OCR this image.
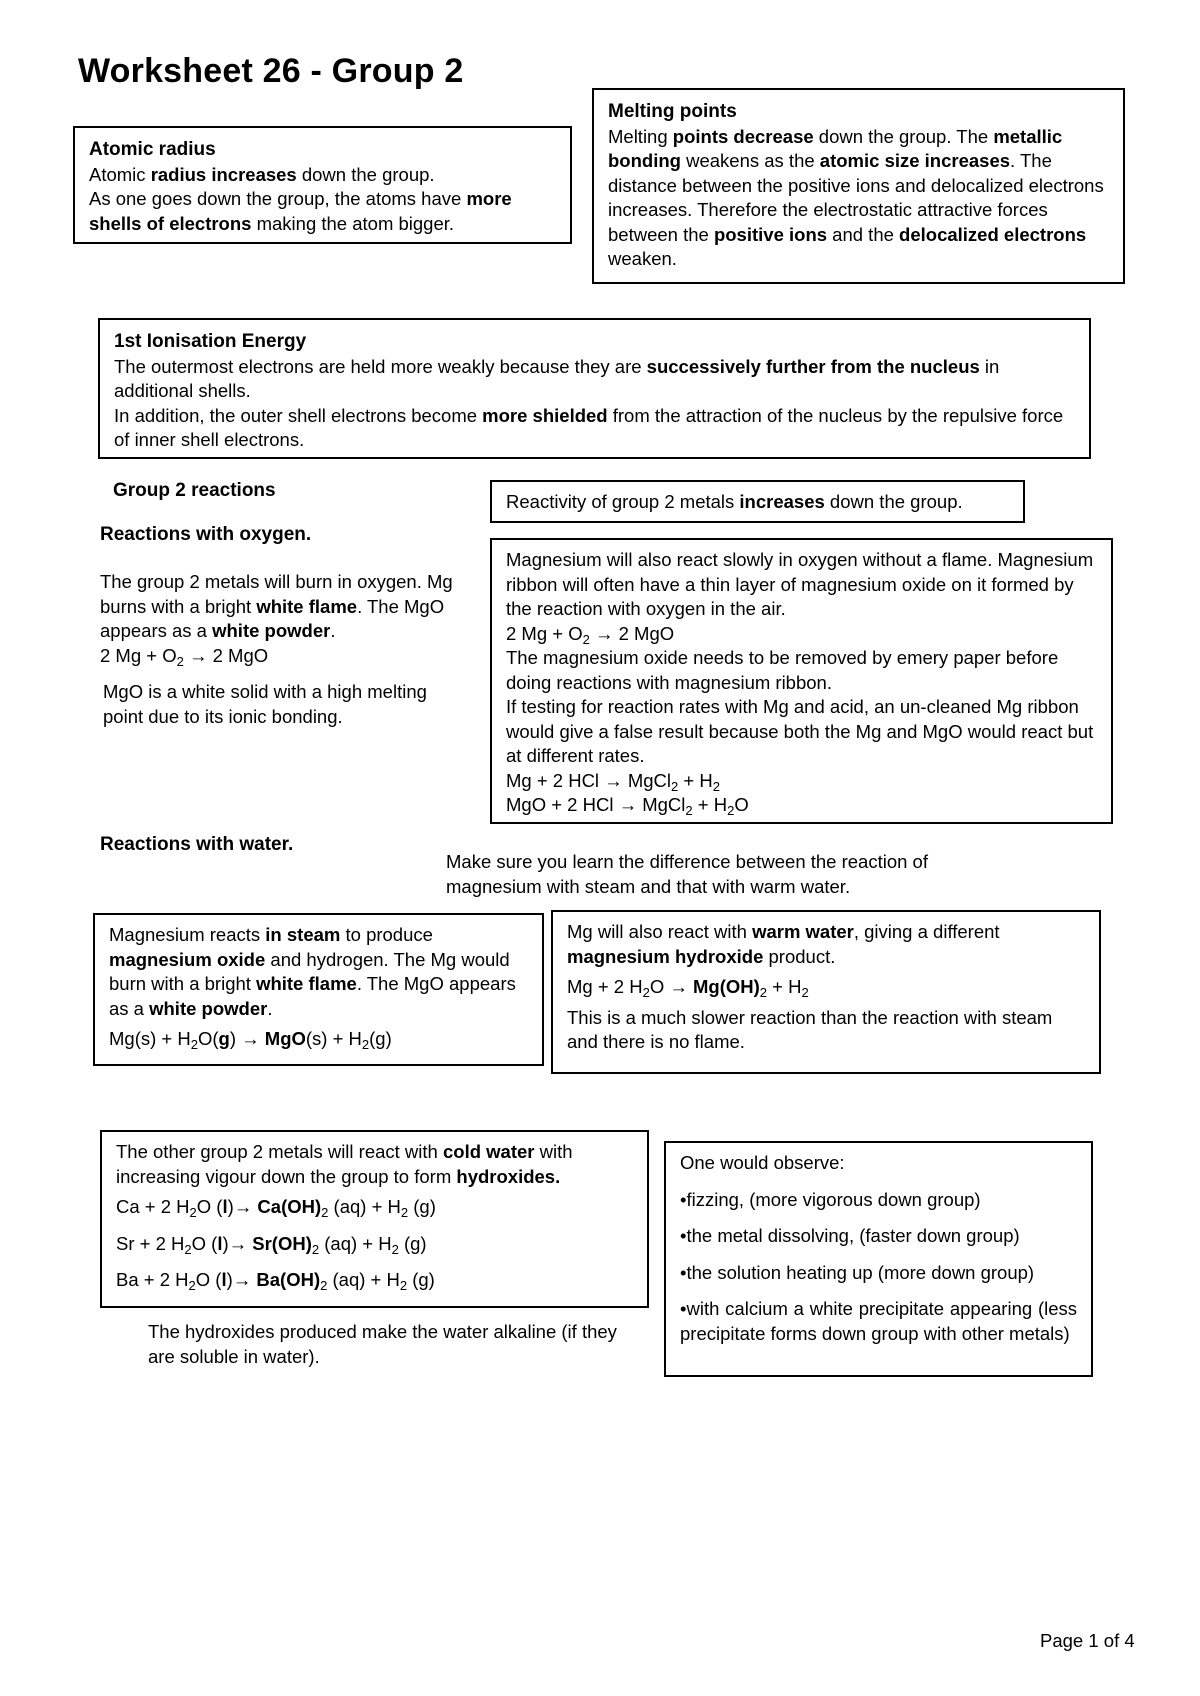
Worksheet 26 - Group 2
Atomic radius
Atomic radius increases down the group.
As one goes down the group, the atoms have more shells of electrons making the atom bigger.
Melting points
Melting points decrease down the group. The metallic bonding weakens as the atomic size increases. The distance between the positive ions and delocalized electrons increases. Therefore the electrostatic attractive forces between the positive ions and the delocalized electrons weaken.
1st Ionisation Energy
The outermost electrons are held more weakly because they are successively further from the nucleus in additional shells.
In addition, the outer shell electrons become more shielded from the attraction of the nucleus by the repulsive force of inner shell electrons.
Group 2 reactions
Reactivity of group 2 metals increases down the group.
Reactions with oxygen.
The group 2 metals will burn in oxygen. Mg burns with a bright white flame. The MgO appears as a white powder.
2 $Mg + O_2 \to 2$ MgO
MgO is a white solid with a high melting point due to its ionic bonding.
Magnesium will also react slowly in oxygen without a flame. Magnesium ribbon will often have a thin layer of magnesium oxide on it formed by the reaction with oxygen in the air.
2 $Mg + O_2 \to 2$ MgO
The magnesium oxide needs to be removed by emery paper before doing reactions with magnesium ribbon.
If testing for reaction rates with Mg and acid, an un-cleaned Mg ribbon would give a false result because both the Mg and MgO would react but at different rates.
Mg + 2 HCl → MgCl$_2$ + $H_2$
MgO + 2 HCl → MgCl$_2$ + $H_2O$
Reactions with water.
Make sure you learn the difference between the reaction of magnesium with steam and that with warm water.
Magnesium reacts in steam to produce magnesium oxide and hydrogen. The Mg would burn with a bright white flame. The MgO appears as a white powder.
$Mg(s) + H_2O(g) \to MgO(s) + H_2(g)$
Mg will also react with warm water, giving a different magnesium hydroxide product.
Mg + 2 $H_2O \to Mg(OH)_2 + H_2$
This is a much slower reaction than the reaction with steam and there is no flame.
The other group 2 metals will react with cold water with increasing vigour down the group to form hydroxides.
Ca + 2 $H_2O$ $(l)\to Ca(OH)_2$ $(aq) + H_2$ (g)
Sr + 2 $H_2O$ $(l)\to Sr(OH)_2$ $(aq) + H_2$ (g)
Ba + 2 $H_2O$ $(l)\to Ba(OH)_2$ $(aq) + H_2$ (g)
The hydroxides produced make the water alkaline (if they are soluble in water).
One would observe:
•fizzing, (more vigorous down group)
•the metal dissolving, (faster down group)
•the solution heating up (more down group)
•with calcium a white precipitate appearing (less precipitate forms down group with other metals)
Page 1 of 4
